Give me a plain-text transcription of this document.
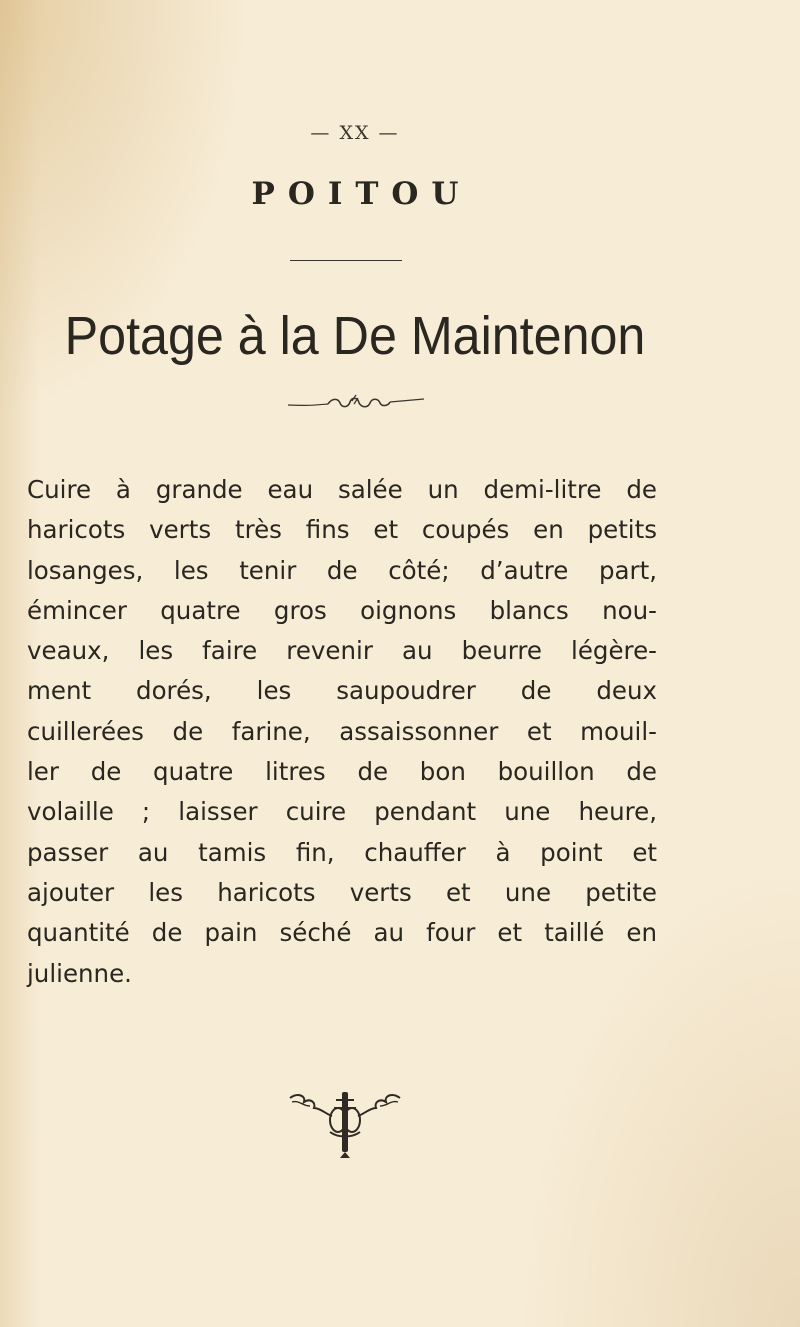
— XX —
POITOU
Potage à la De Maintenon
Cuire à grande eau salée un demi-litre de
haricots verts très fins et coupés en petits
losanges, les tenir de côté; d’autre part,
émincer quatre gros oignons blancs nou-
veaux, les faire revenir au beurre légère-
ment dorés, les saupoudrer de deux
cuillerées de farine, assaissonner et mouil-
ler de quatre litres de bon bouillon de
volaille ; laisser cuire pendant une heure,
passer au tamis fin, chauffer à point et
ajouter les haricots verts et une petite
quantité de pain séché au four et taillé en
julienne.
